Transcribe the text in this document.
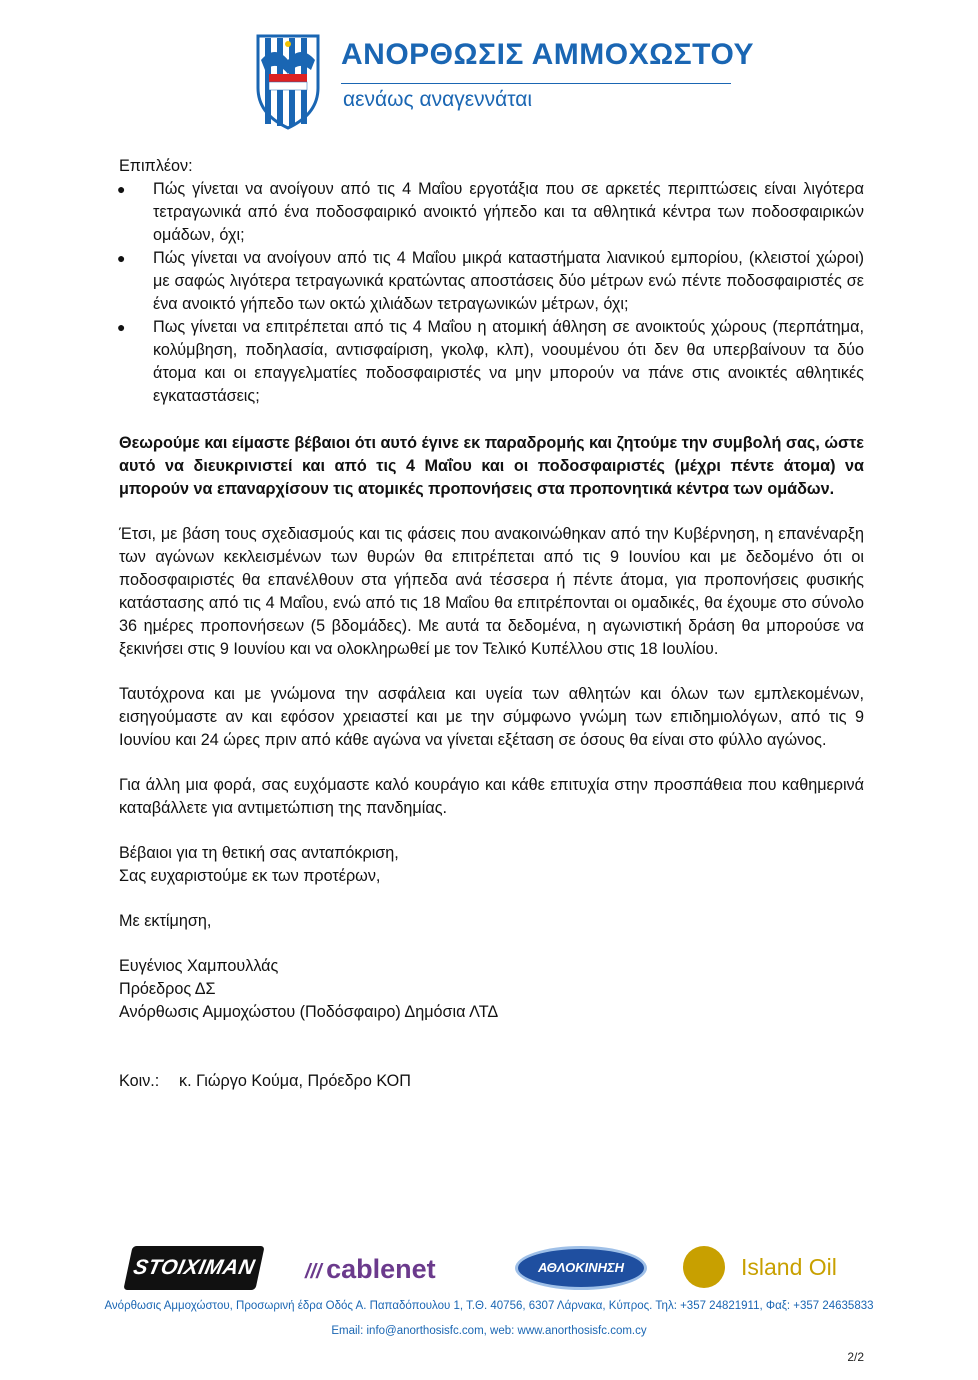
ΑΝΟΡΘΩΣΙΣ ΑΜΜΟΧΩΣΤΟΥ
αενάως αναγεννάται

Επιπλέον:

● Πώς γίνεται να ανοίγουν από τις 4 Μαΐου εργοτάξια που σε αρκετές περιπτώσεις είναι λιγότερα τετραγωνικά από ένα ποδοσφαιρικό ανοικτό γήπεδο και τα αθλητικά κέντρα των ποδοσφαιρικών ομάδων, όχι;
● Πώς γίνεται να ανοίγουν από τις 4 Μαΐου μικρά καταστήματα λιανικού εμπορίου, (κλειστοί χώροι) με σαφώς λιγότερα τετραγωνικά κρατώντας αποστάσεις δύο μέτρων ενώ πέντε ποδοσφαιριστές σε ένα ανοικτό γήπεδο των οκτώ χιλιάδων τετραγωνικών μέτρων, όχι;
● Πως γίνεται να επιτρέπεται από τις 4 Μαΐου η ατομική άθληση σε ανοικτούς χώρους (περπάτημα, κολύμβηση, ποδηλασία, αντισφαίριση, γκολφ, κλπ), νοουμένου ότι δεν θα υπερβαίνουν τα δύο άτομα και οι επαγγελματίες ποδοσφαιριστές να μην μπορούν να πάνε στις ανοικτές αθλητικές εγκαταστάσεις;

Θεωρούμε και είμαστε βέβαιοι ότι αυτό έγινε εκ παραδρομής και ζητούμε την συμβολή σας, ώστε αυτό να διευκρινιστεί και από τις 4 Μαΐου και οι ποδοσφαιριστές (μέχρι πέντε άτομα) να μπορούν να επαναρχίσουν τις ατομικές προπονήσεις στα προπονητικά κέντρα των ομάδων.

Έτσι, με βάση τους σχεδιασμούς και τις φάσεις που ανακοινώθηκαν από την Κυβέρνηση, η επανέναρξη των αγώνων κεκλεισμένων των θυρών θα επιτρέπεται από τις 9 Ιουνίου και με δεδομένο ότι οι ποδοσφαιριστές θα επανέλθουν στα γήπεδα ανά τέσσερα ή πέντε άτομα, για προπονήσεις φυσικής κατάστασης από τις 4 Μαΐου, ενώ από τις 18 Μαΐου θα επιτρέπονται οι ομαδικές, θα έχουμε στο σύνολο 36 ημέρες προπονήσεων (5 βδομάδες). Με αυτά τα δεδομένα, η αγωνιστική δράση θα μπορούσε να ξεκινήσει στις 9 Ιουνίου και να ολοκληρωθεί με τον Τελικό Κυπέλλου στις 18 Ιουλίου.

Ταυτόχρονα και με γνώμονα την ασφάλεια και υγεία των αθλητών και όλων των εμπλεκομένων, εισηγούμαστε αν και εφόσον χρειαστεί και με την σύμφωνο γνώμη των επιδημιολόγων, από τις 9 Ιουνίου και 24 ώρες πριν από κάθε αγώνα να γίνεται εξέταση σε όσους θα είναι στο φύλλο αγώνος.

Για άλλη μια φορά, σας ευχόμαστε καλό κουράγιο και κάθε επιτυχία στην προσπάθεια που καθημερινά καταβάλλετε για αντιμετώπιση της πανδημίας.

Βέβαιοι για τη θετική σας ανταπόκριση,

Σας ευχαριστούμε εκ των προτέρων,

Με εκτίμηση,

Ευγένιος Χαμπουλλάς

Πρόεδρος ΔΣ

Ανόρθωσις Αμμοχώστου (Ποδόσφαιρο) Δημόσια ΛΤΔ

Κοιν.:	κ. Γιώργο Κούμα, Πρόεδρο ΚΟΠ
STOIXIMAN	/// cablenet	ΑΘΛΟΚΙΝΗΣΗ	Island Oil
Ανόρθωσις Αμμοχώστου, Προσωρινή έδρα Οδός Α. Παπαδόπουλου 1, Τ.Θ. 40756, 6307 Λάρνακα, Κύπρος. Τηλ: +357 24821911, Φαξ: +357 24635833
Email: info@anorthosisfc.com, web: www.anorthosisfc.com.cy
2/2
